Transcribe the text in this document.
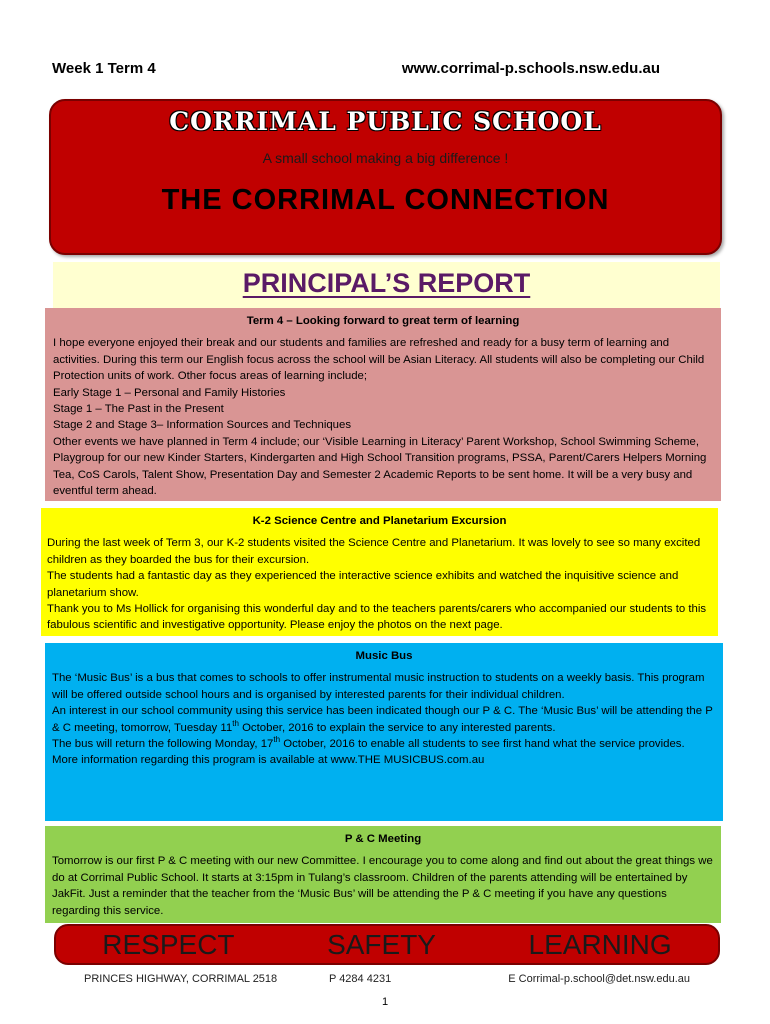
Week 1 Term 4	www.corrimal-p.schools.nsw.edu.au
CORRIMAL PUBLIC SCHOOL
A small school making a big difference !
THE CORRIMAL CONNECTION
PRINCIPAL’S REPORT
Term 4 – Looking forward to great term of learning

I hope everyone enjoyed their break and our students and families are refreshed and ready for a busy term of learning and activities. During this term our English focus across the school will be Asian Literacy. All students will also be completing our Child Protection units of work. Other focus areas of learning include;

Early Stage 1 – Personal and Family Histories

Stage 1 – The Past in the Present

Stage 2 and Stage 3– Information Sources and Techniques

Other events we have planned in Term 4 include; our ‘Visible Learning in Literacy’ Parent Workshop, School Swimming Scheme, Playgroup for our new Kinder Starters, Kindergarten and High School Transition programs, PSSA, Parent/Carers Helpers Morning Tea, CoS Carols, Talent Show, Presentation Day and Semester 2 Academic Reports to be sent home. It will be a very busy and eventful term ahead.

K-2 Science Centre and Planetarium Excursion

During the last week of Term 3, our K-2 students visited the Science Centre and Planetarium. It was lovely to see so many excited children as they boarded the bus for their excursion.

The students had a fantastic day as they experienced the interactive science exhibits and watched the inquisitive science and planetarium show.

Thank you to Ms Hollick for organising this wonderful day and to the teachers parents/carers who accompanied our students to this fabulous scientific and investigative opportunity. Please enjoy the photos on the next page.

Music Bus

The ‘Music Bus’ is a bus that comes to schools to offer instrumental music instruction to students on a weekly basis. This program will be offered outside school hours and is organised by interested parents for their individual children.

An interest in our school community using this service has been indicated though our P & C. The ‘Music Bus’ will be attending the P & C meeting, tomorrow, Tuesday 11th October, 2016 to explain the service to any interested parents.

The bus will return the following Monday, 17th October, 2016 to enable all students to see first hand what the service provides.

More information regarding this program is available at www.THE MUSICBUS.com.au

P & C Meeting

Tomorrow is our first P & C meeting with our new Committee. I encourage you to come along and find out about the great things we do at Corrimal Public School. It starts at 3:15pm in Tulang’s classroom. Children of the parents attending will be entertained by JakFit. Just a reminder that the teacher from the ‘Music Bus’ will be attending the P & C meeting if you have any questions regarding this service.

RESPECT	SAFETY	LEARNING
PRINCES HIGHWAY, CORRIMAL 2518	P 4284 4231	E Corrimal-p.school@det.nsw.edu.au
1
